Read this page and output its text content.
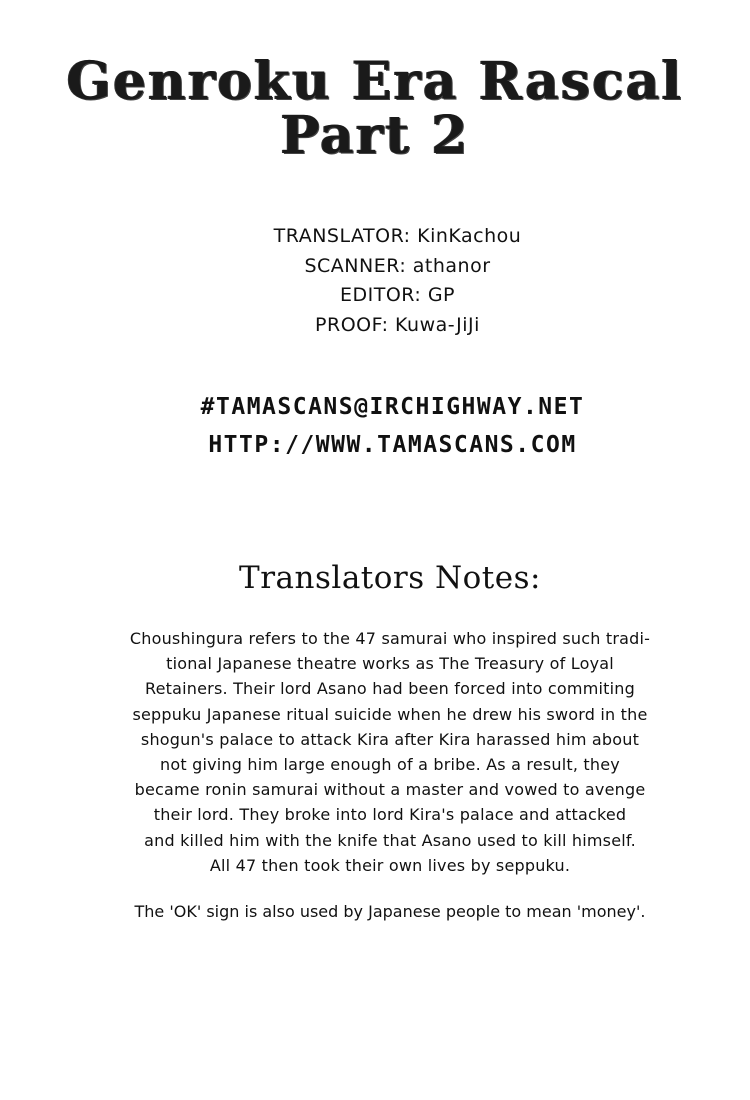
Genroku Era Rascal
Part 2
TRANSLATOR: KinKachou
SCANNER: athanor
EDITOR: GP
PROOF: Kuwa-JiJi
#TAMASCANS@IRCHIGHWAY.NET
HTTP://WWW.TAMASCANS.COM
Translators Notes:
Choushingura refers to the 47 samurai who inspired such tradi-
tional Japanese theatre works as The Treasury of Loyal
Retainers. Their lord Asano had been forced into commiting
seppuku Japanese ritual suicide when he drew his sword in the
shogun's palace to attack Kira after Kira harassed him about
not giving him large enough of a bribe. As a result, they
became ronin samurai without a master and vowed to avenge
their lord. They broke into lord Kira's palace and attacked
and killed him with the knife that Asano used to kill himself.
All 47 then took their own lives by seppuku.
The 'OK' sign is also used by Japanese people to mean 'money'.
